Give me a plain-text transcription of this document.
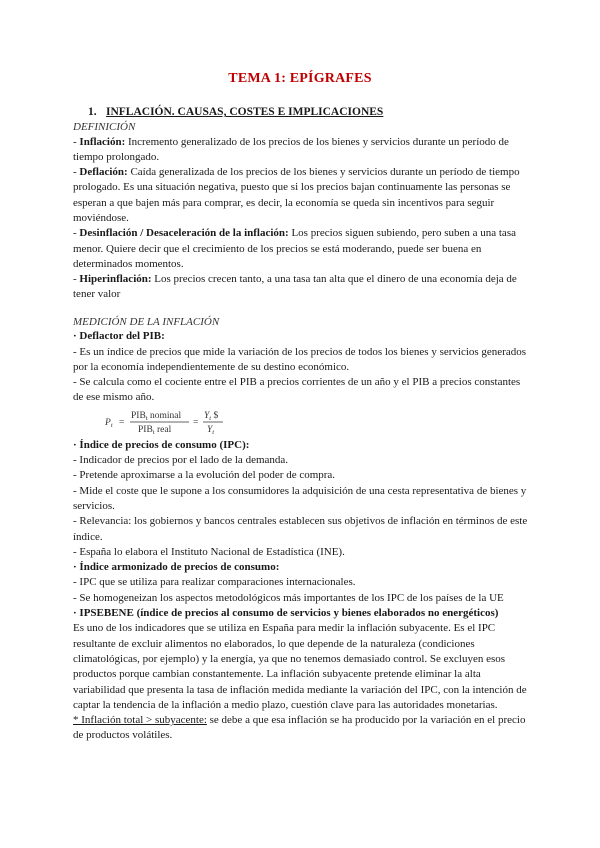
TEMA 1: EPÍGRAFES
1. INFLACIÓN. CAUSAS, COSTES E IMPLICACIONES
DEFINICIÓN

- Inflación: Incremento generalizado de los precios de los bienes y servicios durante un período de tiempo prolongado.

- Deflación: Caída generalizada de los precios de los bienes y servicios durante un período de tiempo prologado. Es una situación negativa, puesto que si los precios bajan continuamente las personas se esperan a que bajen más para comprar, es decir, la economía se queda sin incentivos para seguir moviéndose.

- Desinflación / Desaceleración de la inflación: Los precios siguen subiendo, pero suben a una tasa menor. Quiere decir que el crecimiento de los precios se está moderando, puede ser buena en determinados momentos.

- Hiperinflación: Los precios crecen tanto, a una tasa tan alta que el dinero de una economía deja de tener valor

MEDICIÓN DE LA INFLACIÓN

· Deflactor del PIB:

- Es un índice de precios que mide la variación de los precios de todos los bienes y servicios generados por la economía independientemente de su destino económico.

- Se calcula como el cociente entre el PIB a precios corrientes de un año y el PIB a precios constantes de ese mismo año.

$P_t$ =
$PIB_t$ nominal
$PIB_t$ real
=
$Y_t$ $
$Y_t$

· Índice de precios de consumo (IPC):

- Indicador de precios por el lado de la demanda.

- Pretende aproximarse a la evolución del poder de compra.

- Mide el coste que le supone a los consumidores la adquisición de una cesta representativa de bienes y servicios.

- Relevancia: los gobiernos y bancos centrales establecen sus objetivos de inflación en términos de este índice.

- España lo elabora el Instituto Nacional de Estadística (INE).

· Índice armonizado de precios de consumo:

- IPC que se utiliza para realizar comparaciones internacionales.

- Se homogeneizan los aspectos metodológicos más importantes de los IPC de los países de la UE

· IPSEBENE (índice de precios al consumo de servicios y bienes elaborados no energéticos)

Es uno de los indicadores que se utiliza en España para medir la inflación subyacente. Es el IPC resultante de excluir alimentos no elaborados, lo que depende de la naturaleza (condiciones climatológicas, por ejemplo) y la energía, ya que no tenemos demasiado control. Se excluyen esos productos porque cambian constantemente. La inflación subyacente pretende eliminar la alta variabilidad que presenta la tasa de inflación medida mediante la variación del IPC, con la intención de captar la tendencia de la inflación a medio plazo, cuestión clave para las autoridades monetarias.

* Inflación total > subyacente: se debe a que esa inflación se ha producido por la variación en el precio de productos volátiles.
